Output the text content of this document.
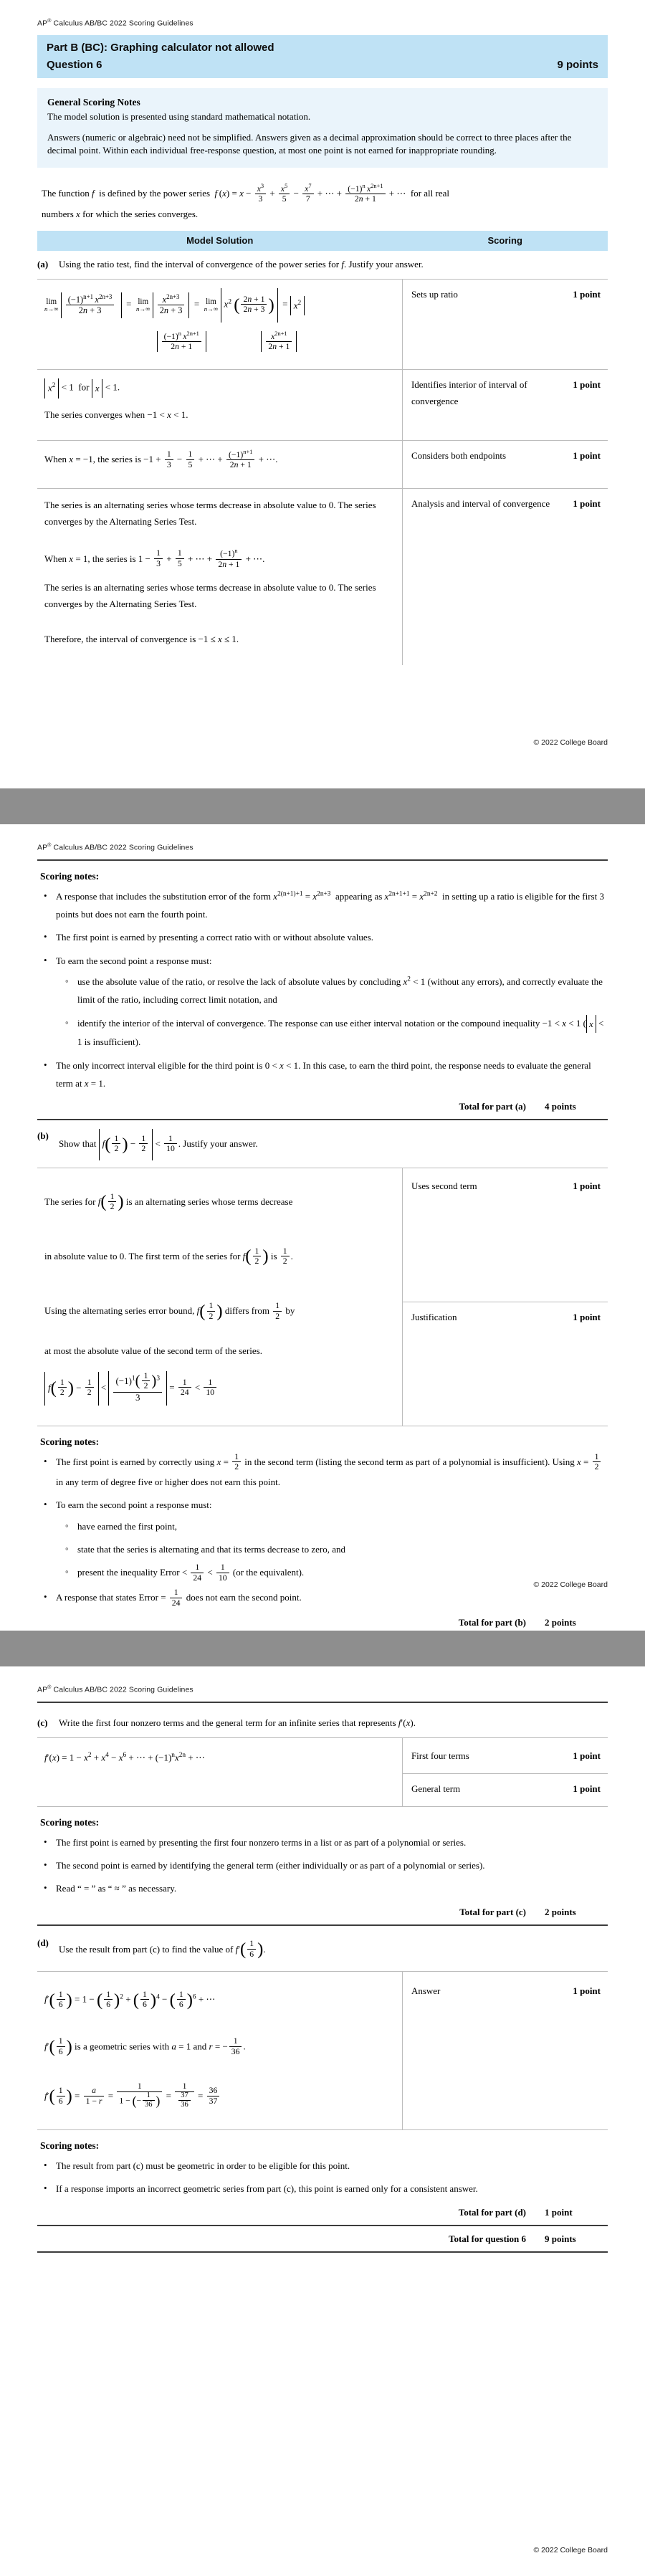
AP® Calculus AB/BC 2022 Scoring Guidelines
Part B (BC): Graphing calculator not allowed
Question 6	9 points
General Scoring Notes

The model solution is presented using standard mathematical notation.

Answers (numeric or algebraic) need not be simplified. Answers given as a decimal approximation should be correct to three places after the decimal point. Within each individual free-response question, at most one point is not earned for inappropriate rounding.

The function f  is defined by the power series  f $(x) = x - \frac{x^3}{3} + \frac{x^5}{5} - \frac{x^7}{7}$ + ⋯ + $\frac{(-1)^n x^{2n+1}}{2n + 1}$ + ⋯  for all real
numbers x for which the series converges.
Model Solution	Scoring
(a) Using the ratio test, find the interval of convergence of the power series for f. Justify your answer.	

lim
n→∞
$\frac{(-1)^{n+1} x^{2n+3}}{2n + 3} = \lim$
n→∞
$\frac{x^{2n+3}}{2n + 3} = \lim$
n→∞ $x^2$ ( $\frac{2n + 1}{2n + 3}$ )  = $x^2$
$\frac{(-1)^n x^{2n+1}}{2n + 1}$
	$\frac{x^{2n+1}}{2n + 1}$

Sets up ratio	1 point

$x^2 < 1$  for x < 1.
The series converges when −1 < x < 1.

Identifies interior of interval of convergence
1 point

When x = −1, the series is $-1 + \frac{1}{3} - \frac{1}{5}$ + ⋯ + $\frac{(-1)^{n+1}}{2n + 1}$ + ⋯.	Considers both endpoints	1 point

The series is an alternating series whose terms decrease in absolute value to 0. The series converges by the Alternating Series Test.
When x = 1, the series is $1 - \frac{1}{3} + \frac{1}{5}$ + ⋯ + $\frac{(-1)^n}{2n + 1}$ + ⋯.
The series is an alternating series whose terms decrease in absolute value to 0. The series converges by the Alternating Series Test.
Therefore, the interval of convergence is −1 ≤ x ≤ 1.

Analysis and interval of convergence	1 point
© 2022 College Board
AP® Calculus AB/BC 2022 Scoring Guidelines
Scoring notes:
• A response that includes the substitution error of the form $x^{2(n+1)+1} = x^{2n+3}$  appearing as $x^{2n+1+1} = x^{2n+2}$  in setting up a ratio is eligible for the first 3 points but does not earn the fourth point.
• The first point is earned by presenting a correct ratio with or without absolute values.
• To earn the second point a response must:
◦ use the absolute value of the ratio, or resolve the lack of absolute values by concluding $x^2 < 1$ (without any errors), and correctly evaluate the limit of the ratio, including correct limit notation, and
◦ identify the interior of the interval of convergence. The response can use either interval notation or the compound inequality −1 < x < 1 ( x < 1 is insufficient).
• The only incorrect interval eligible for the third point is 0 < x < 1. In this case, to earn the third point, the response needs to evaluate the general term at x = 1.
Total for part (a)	4 points

(b)Show that $f( \frac{1}{2}$ ) − $\frac{1}{2} < \frac{1}{10}$ . Justify your answer.

The series for $f( \frac{1}{2}$ ) is an alternating series whose terms decrease
in absolute value to 0. The first term of the series for $f( \frac{1}{2}$ ) is $\frac{1}{2}$ .
Using the alternating series error bound, $f( \frac{1}{2}$ ) differs from $\frac{1}{2}$ by
at most the absolute value of the second term of the series.
$f( \frac{1}{2}$ ) − $\frac{1}{2} < \frac{(-1)^1( \frac{1}{2} )^3}{3} = \frac{1}{24} < \frac{1}{10}$

Uses second term	1 point

Justification	1 point

Scoring notes:
• The first point is earned by correctly using $x = \frac{1}{2}$ in the second term (listing the second term as part of a polynomial is insufficient). Using $x = \frac{1}{2}$
in any term of degree five or higher does not earn this point.
• To earn the second point a response must:
◦ have earned the first point,
◦ state that the series is alternating and that its terms decrease to zero, and
◦ present the inequality Error < $\frac{1}{24} < \frac{1}{10} (or$ the equivalent).
• A response that states Error = $\frac{1}{24}$ does not earn the second point.
Total for part (b)	2 points
© 2022 College Board
AP® Calculus AB/BC 2022 Scoring Guidelines
(c) Write the first four nonzero terms and the general term for an infinite series that represents f′(x).

$f'(x) = 1 - x^2 + x^4 - x^6$ + ⋯ + $(-1)^nx^{2n}$ + ⋯	First four terms	1 point

General term	1 point

Scoring notes:
• The first point is earned by presenting the first four nonzero terms in a list or as part of a polynomial or series.
• The second point is earned by identifying the general term (either individually or as part of a polynomial or series).
• Read “ = ” as “ ≈ ” as necessary.
Total for part (c)	2 points

(d)Use the result from part (c) to find the value of $f'( \frac{1}{6}$ ).

$f'( \frac{1}{6}$ ) = 1 − ( $\frac{1}{6} )^2$ + ( $\frac{1}{6} )^4$ − ( $\frac{1}{6} )^6$ + ⋯
$f'( \frac{1}{6}$ ) is a geometric series with a = 1 and r = − $\frac{1}{36}$ .
$f'( \frac{1}{6}$ ) = $\frac{a}{1 - r} = \frac{1}{1 - (- \frac{1}{36} )} = \frac{1}{\frac{37}{36}} = \frac{36}{37}$

Answer	1 point

Scoring notes:
• The result from part (c) must be geometric in order to be eligible for this point.
• If a response imports an incorrect geometric series from part (c), this point is earned only for a consistent answer.
Total for part (d)	1 point
Total for question 6	9 points
© 2022 College Board
